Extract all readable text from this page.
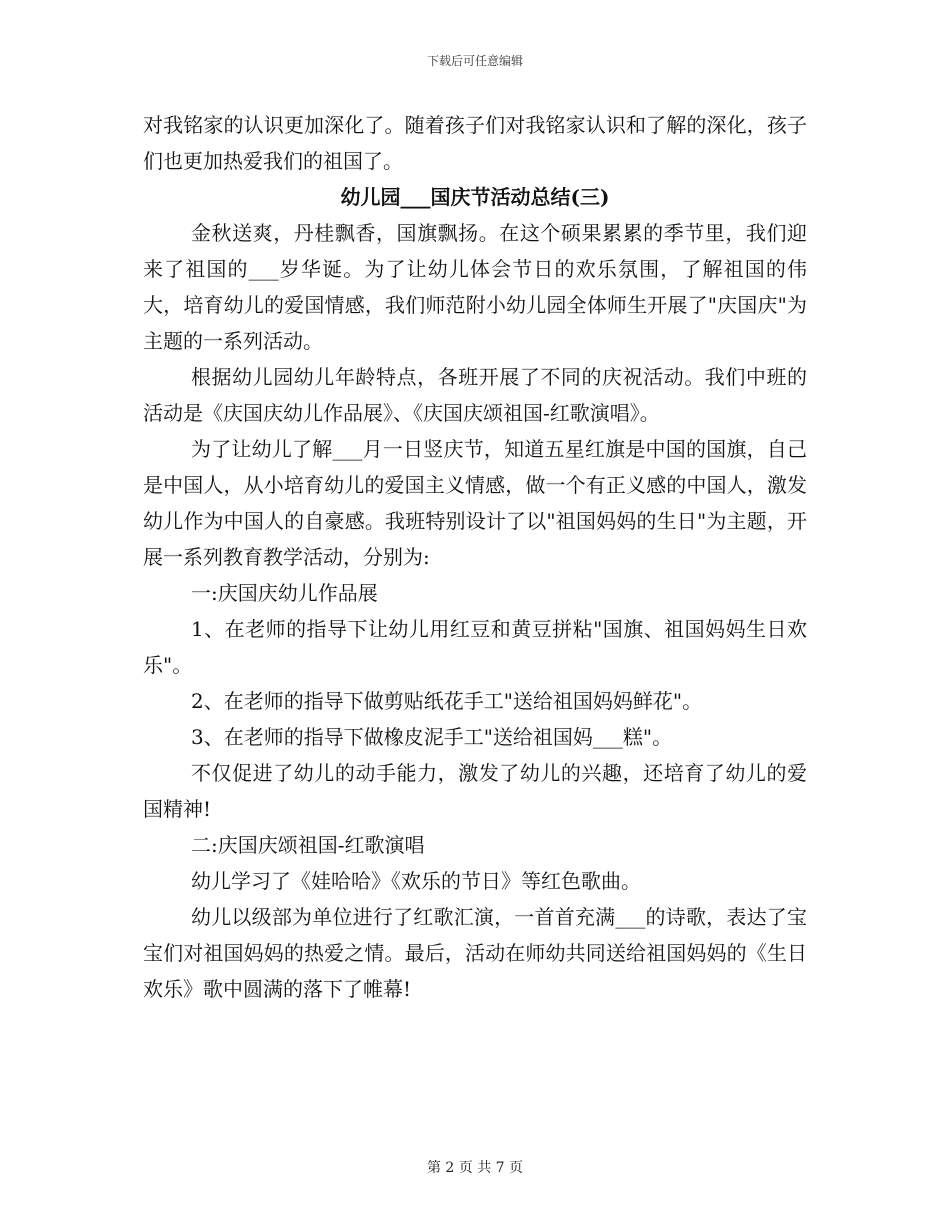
下载后可任意编辑

对我铭家的认识更加深化了。随着孩子们对我铭家认识和了解的深化，孩子们也更加热爱我们的祖国了。

幼儿园___国庆节活动总结(三)

金秋送爽，丹桂飘香，国旗飘扬。在这个硕果累累的季节里，我们迎来了祖国的___岁华诞。为了让幼儿体会节日的欢乐氛围，了解祖国的伟大，培育幼儿的爱国情感，我们师范附小幼儿园全体师生开展了"庆国庆"为主题的一系列活动。

根据幼儿园幼儿年龄特点，各班开展了不同的庆祝活动。我们中班的活动是《庆国庆幼儿作品展》、《庆国庆颂祖国-红歌演唱》。

为了让幼儿了解___月一日竖庆节，知道五星红旗是中国的国旗，自己是中国人，从小培育幼儿的爱国主义情感，做一个有正义感的中国人，激发幼儿作为中国人的自豪感。我班特别设计了以"祖国妈妈的生日"为主题，开展一系列教育教学活动，分别为:

一:庆国庆幼儿作品展

1、在老师的指导下让幼儿用红豆和黄豆拼粘"国旗、祖国妈妈生日欢乐"。

2、在老师的指导下做剪贴纸花手工"送给祖国妈妈鲜花"。

3、在老师的指导下做橡皮泥手工"送给祖国妈___糕"。

不仅促进了幼儿的动手能力，激发了幼儿的兴趣，还培育了幼儿的爱国精神!

二:庆国庆颂祖国-红歌演唱

幼儿学习了《娃哈哈》《欢乐的节日》等红色歌曲。

幼儿以级部为单位进行了红歌汇演，一首首充满___的诗歌，表达了宝宝们对祖国妈妈的热爱之情。最后，活动在师幼共同送给祖国妈妈的《生日欢乐》歌中圆满的落下了帷幕!

第 2 页 共 7 页
